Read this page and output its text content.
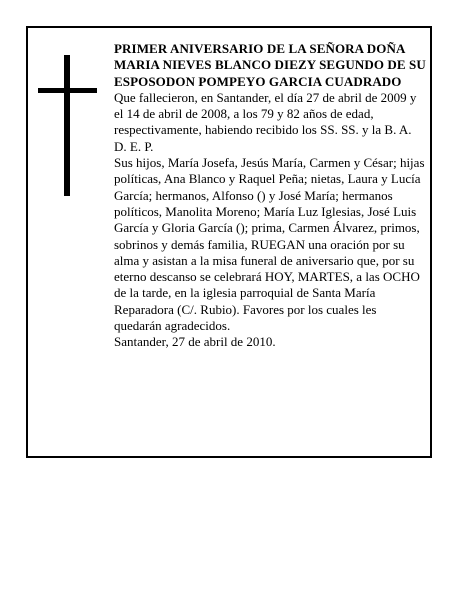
PRIMER ANIVERSARIO DE LA SEÑORA DOÑA MARIA NIEVES BLANCO DIEZY SEGUNDO DE SU ESPOSODON POMPEYO GARCIA CUADRADO

Que fallecieron, en Santander, el día 27 de abril de 2009 y el 14 de abril de 2008, a los 79 y 82 años de edad, respectivamente, habiendo recibido los SS. SS. y la B. A.

D. E. P.

Sus hijos, María Josefa, Jesús María, Carmen y César; hijas políticas, Ana Blanco y Raquel Peña; nietas, Laura y Lucía García; hermanos, Alfonso () y José María; hermanos políticos, Manolita Moreno; María Luz Iglesias, José Luis García y Gloria García (); prima, Carmen Álvarez, primos, sobrinos y demás familia, RUEGAN una oración por su alma y asistan a la misa funeral de aniversario que, por su eterno descanso se celebrará HOY, MARTES, a las OCHO de la tarde, en la iglesia parroquial de Santa María Reparadora (C/. Rubio). Favores por los cuales les quedarán agradecidos.

Santander, 27 de abril de 2010.
